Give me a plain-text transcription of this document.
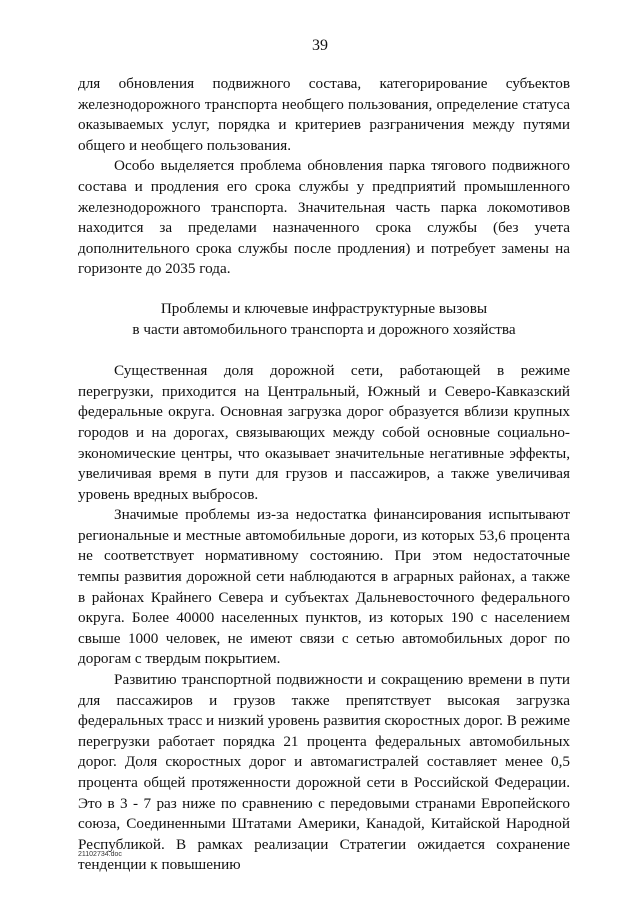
39

для обновления подвижного состава, категорирование субъектов железнодорожного транспорта необщего пользования, определение статуса оказываемых услуг, порядка и критериев разграничения между путями общего и необщего пользования.

Особо выделяется проблема обновления парка тягового подвижного состава и продления его срока службы у предприятий промышленного железнодорожного транспорта. Значительная часть парка локомотивов находится за пределами назначенного срока службы (без учета дополнительного срока службы после продления) и потребует замены на горизонте до 2035 года.

Проблемы и ключевые инфраструктурные вызовы
в части автомобильного транспорта и дорожного хозяйства

Существенная доля дорожной сети, работающей в режиме перегрузки, приходится на Центральный, Южный и Северо-Кавказский федеральные округа. Основная загрузка дорог образуется вблизи крупных городов и на дорогах, связывающих между собой основные социально-экономические центры, что оказывает значительные негативные эффекты, увеличивая время в пути для грузов и пассажиров, а также увеличивая уровень вредных выбросов.

Значимые проблемы из-за недостатка финансирования испытывают региональные и местные автомобильные дороги, из которых 53,6 процента не соответствует нормативному состоянию. При этом недостаточные темпы развития дорожной сети наблюдаются в аграрных районах, а также в районах Крайнего Севера и субъектах Дальневосточного федерального округа. Более 40000 населенных пунктов, из которых 190 с населением свыше 1000 человек, не имеют связи с сетью автомобильных дорог по дорогам с твердым покрытием.

Развитию транспортной подвижности и сокращению времени в пути для пассажиров и грузов также препятствует высокая загрузка федеральных трасс и низкий уровень развития скоростных дорог. В режиме перегрузки работает порядка 21 процента федеральных автомобильных дорог. Доля скоростных дорог и автомагистралей составляет менее 0,5 процента общей протяженности дорожной сети в Российской Федерации. Это в 3 - 7 раз ниже по сравнению с передовыми странами Европейского союза, Соединенными Штатами Америки, Канадой, Китайской Народной Республикой. В рамках реализации Стратегии ожидается сохранение тенденции к повышению

21102734.doc
